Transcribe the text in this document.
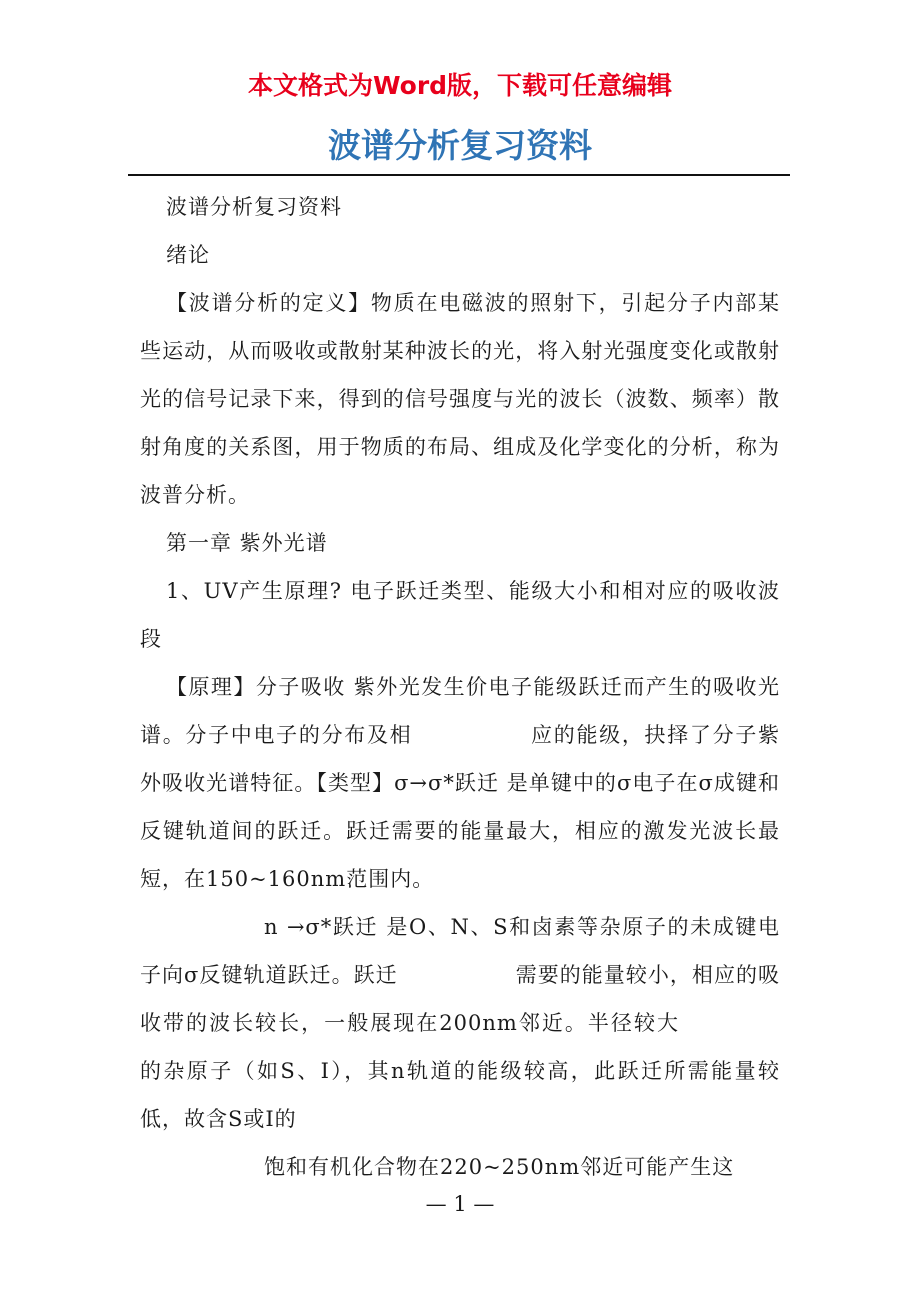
本文格式为Word版，下载可任意编辑
波谱分析复习资料

波谱分析复习资料

绪论

【波谱分析的定义】物质在电磁波的照射下，引起分子内部某些运动，从而吸收或散射某种波长的光，将入射光强度变化或散射光的信号记录下来，得到的信号强度与光的波长（波数、频率）散射角度的关系图，用于物质的布局、组成及化学变化的分析，称为波普分析。

第一章 紫外光谱

1、UV产生原理? 电子跃迁类型、能级大小和相对应的吸收波段

【原理】分子吸收 紫外光发生价电子能级跃迁而产生的吸收光谱。分子中电子的分布及相	应的能级，抉择了分子紫外吸收光谱特征。【类型】σ→σ*跃迁 是单键中的σ电子在σ成键和反键轨道间的跃迁。跃迁需要的能量最大，相应的激发光波长最短，在150~160nm范围内。

n →σ*跃迁 是O、N、S和卤素等杂原子的未成键电子向σ反键轨道跃迁。跃迁	需要的能量较小，相应的吸收带的波长较长，一般展现在200nm邻近。半径较大的杂原子（如S、I），其n轨道的能级较高，此跃迁所需能量较低，故含S或I的

饱和有机化合物在220~250nm邻近可能产生这

— 1 —
